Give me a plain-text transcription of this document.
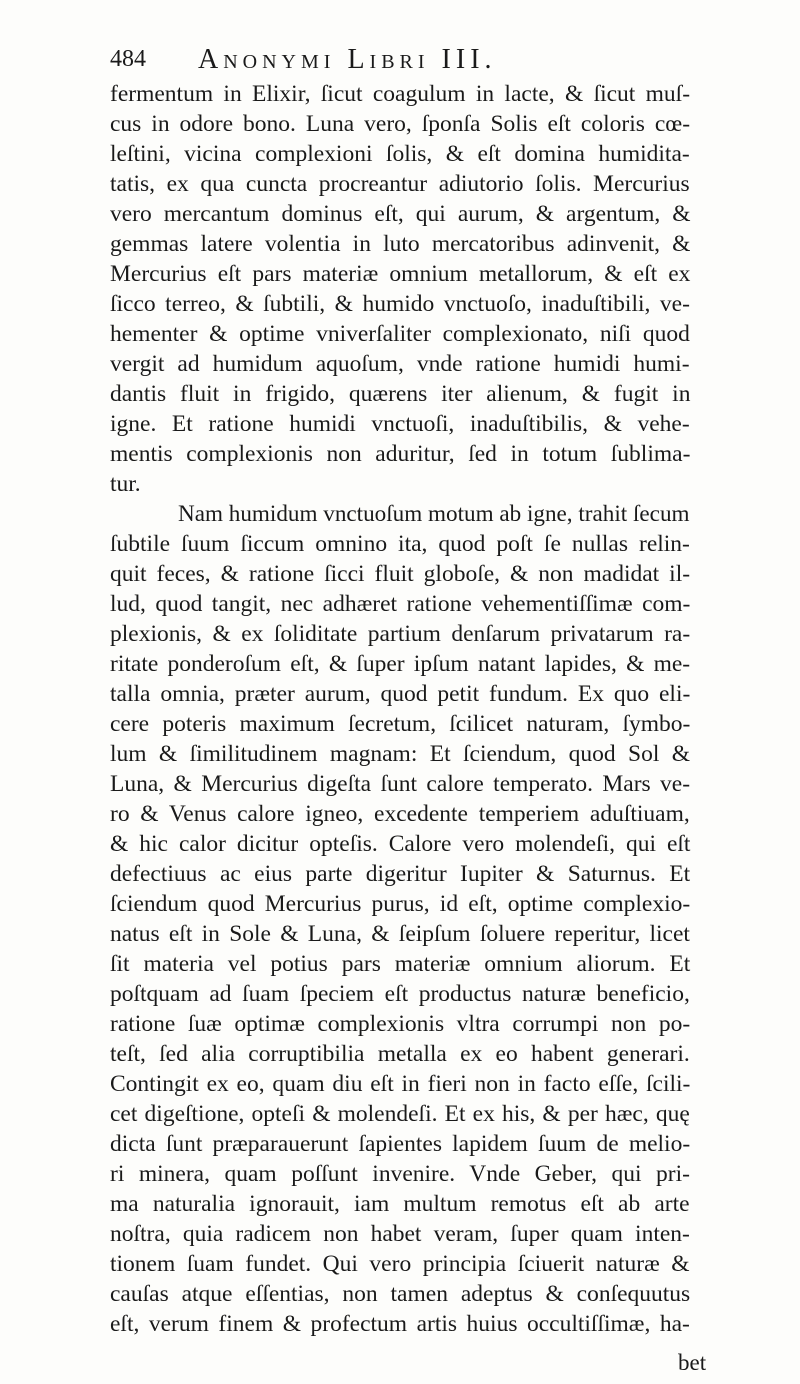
484 Anonymi Libri III.
fermentum in Elixir, ſicut coagulum in lacte, & ſicut muſ-
cus in odore bono. Luna vero, ſponſa Solis eſt coloris cœ-
leſtini, vicina complexioni ſolis, & eſt domina humidita-
tatis, ex qua cuncta procreantur adiutorio ſolis. Mercurius
vero mercantum dominus eſt, qui aurum, & argentum, &
gemmas latere volentia in luto mercatoribus adinvenit, &
Mercurius eſt pars materiæ omnium metallorum, & eſt ex
ſicco terreo, & ſubtili, & humido vnctuoſo, inaduſtibili, ve-
hementer & optime vniverſaliter complexionato, niſi quod
vergit ad humidum aquoſum, vnde ratione humidi humi-
dantis fluit in frigido, quærens iter alienum, & fugit in
igne. Et ratione humidi vnctuoſi, inaduſtibilis, & vehe-
mentis complexionis non aduritur, ſed in totum ſublima-
tur.
Nam humidum vnctuoſum motum ab igne, trahit ſecum
ſubtile ſuum ſiccum omnino ita, quod poſt ſe nullas relin-
quit feces, & ratione ſicci fluit globoſe, & non madidat il-
lud, quod tangit, nec adhæret ratione vehementiſſimæ com-
plexionis, & ex ſoliditate partium denſarum privatarum ra-
ritate ponderoſum eſt, & ſuper ipſum natant lapides, & me-
talla omnia, præter aurum, quod petit fundum. Ex quo eli-
cere poteris maximum ſecretum, ſcilicet naturam, ſymbo-
lum & ſimilitudinem magnam: Et ſciendum, quod Sol &
Luna, & Mercurius digeſta ſunt calore temperato. Mars ve-
ro & Venus calore igneo, excedente temperiem aduſtiuam,
& hic calor dicitur optеſis. Calore vero molendeſi, qui eſt
defectiuus ac eius parte digeritur Iupiter & Saturnus. Et
ſciendum quod Mercurius purus, id eſt, optime complexio-
natus eſt in Sole & Luna, & ſeipſum ſoluere reperitur, licet
ſit materia vel potius pars materiæ omnium aliorum. Et
poſtquam ad ſuam ſpeciem eſt productus naturæ beneficio,
ratione ſuæ optimæ complexionis vltra corrumpi non po-
teſt, ſed alia corruptibilia metalla ex eo habent generari.
Contingit ex eo, quam diu eſt in fieri non in facto eſſe, ſcili-
cet digeſtione, opteſi & molendeſi. Et ex his, & per hæc, quę
dicta ſunt præparauerunt ſapientes lapidem ſuum de melio-
ri minera, quam poſſunt invenire. Vnde Geber, qui pri-
ma naturalia ignorauit, iam multum remotus eſt ab arte
noſtra, quia radicem non habet veram, ſuper quam inten-
tionem ſuam fundet. Qui vero principia ſciuerit naturæ &
cauſas atque eſſentias, non tamen adeptus & conſequutus
eſt, verum finem & profectum artis huius occultiſſimæ, ha-
bet
